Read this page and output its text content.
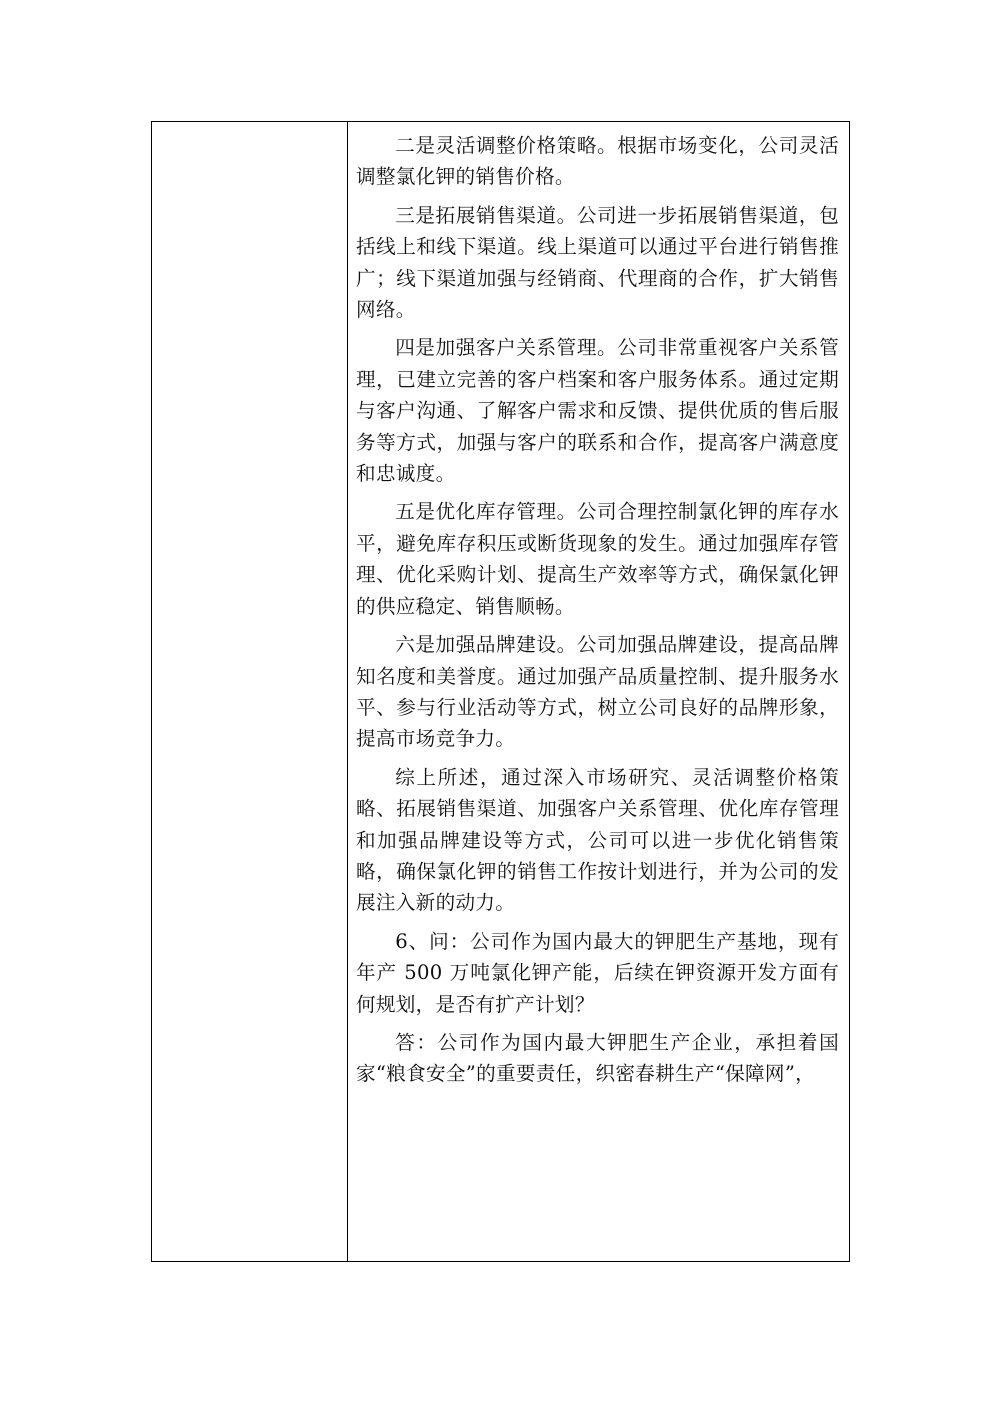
二是灵活调整价格策略。根据市场变化，公司灵活调整氯化钾的销售价格。

三是拓展销售渠道。公司进一步拓展销售渠道，包括线上和线下渠道。线上渠道可以通过平台进行销售推广；线下渠道加强与经销商、代理商的合作，扩大销售网络。

四是加强客户关系管理。公司非常重视客户关系管理，已建立完善的客户档案和客户服务体系。通过定期与客户沟通、了解客户需求和反馈、提供优质的售后服务等方式，加强与客户的联系和合作，提高客户满意度和忠诚度。

五是优化库存管理。公司合理控制氯化钾的库存水平，避免库存积压或断货现象的发生。通过加强库存管理、优化采购计划、提高生产效率等方式，确保氯化钾的供应稳定、销售顺畅。

六是加强品牌建设。公司加强品牌建设，提高品牌知名度和美誉度。通过加强产品质量控制、提升服务水平、参与行业活动等方式，树立公司良好的品牌形象，提高市场竞争力。

综上所述，通过深入市场研究、灵活调整价格策略、拓展销售渠道、加强客户关系管理、优化库存管理和加强品牌建设等方式，公司可以进一步优化销售策略，确保氯化钾的销售工作按计划进行，并为公司的发展注入新的动力。

6、问：公司作为国内最大的钾肥生产基地，现有年产 500 万吨氯化钾产能，后续在钾资源开发方面有何规划，是否有扩产计划？

答：公司作为国内最大钾肥生产企业，承担着国家“粮食安全”的重要责任，织密春耕生产“保障网”，
